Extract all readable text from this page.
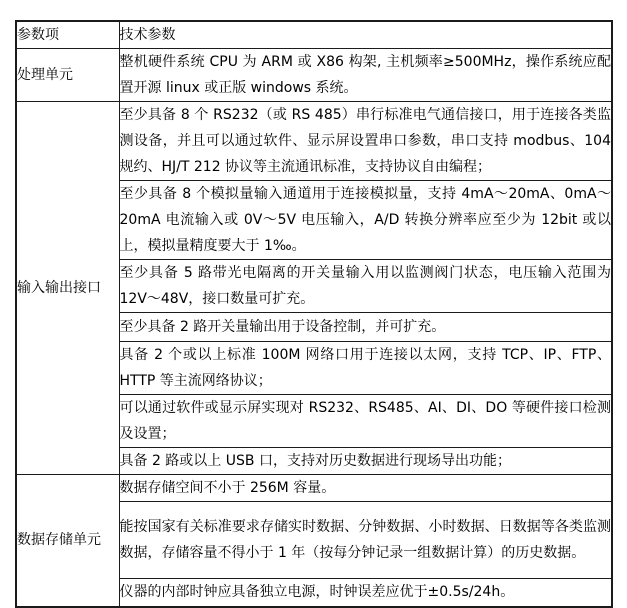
参数项	技术参数
处理单元	整机硬件系统 CPU 为 ARM 或 X86 构架, 主机频率≥500MHz，操作系统应配置开源 linux 或正版 windows 系统。
输入输出接口	至少具备 8 个 RS232（或 RS 485）串行标准电气通信接口，用于连接各类监测设备，并且可以通过软件、显示屏设置串口参数，串口支持 modbus、104 规约、HJ/T 212 协议等主流通讯标准，支持协议自由编程；
	至少具备 8 个模拟量输入通道用于连接模拟量，支持 4mA～20mA、0mA～20mA 电流输入或 0V～5V 电压输入，A/D 转换分辨率应至少为 12bit 或以上，模拟量精度要大于 1‰。
	至少具备 5 路带光电隔离的开关量输入用以监测阀门状态，电压输入范围为 12V～48V，接口数量可扩充。
	至少具备 2 路开关量输出用于设备控制，并可扩充。
	具备 2 个或以上标准 100M 网络口用于连接以太网，支持 TCP、IP、FTP、HTTP 等主流网络协议；
	可以通过软件或显示屏实现对 RS232、RS485、AI、DI、DO 等硬件接口检测及设置；
	具备 2 路或以上 USB 口，支持对历史数据进行现场导出功能；
数据存储单元	数据存储空间不小于 256M 容量。
	能按国家有关标准要求存储实时数据、分钟数据、小时数据、日数据等各类监测数据，存储容量不得小于 1 年（按每分钟记录一组数据计算）的历史数据。
	仪器的内部时钟应具备独立电源，时钟误差应优于±0.5s/24h。
